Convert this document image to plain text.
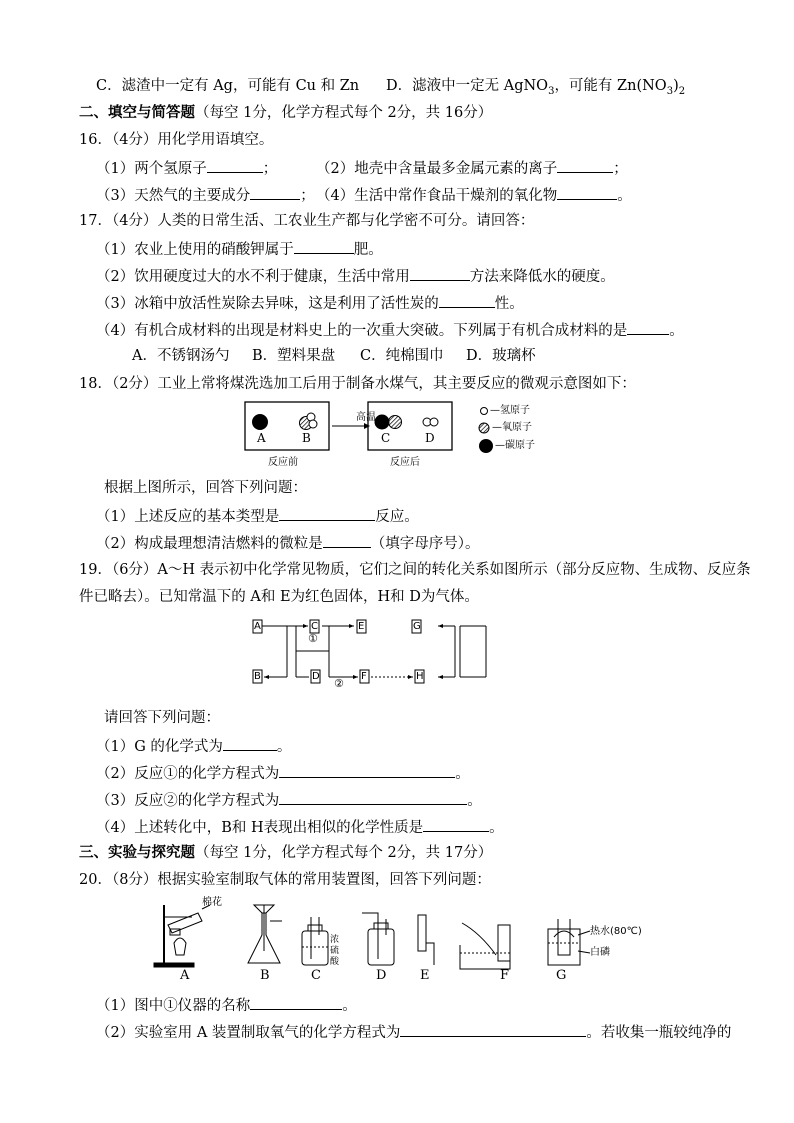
C．滤渣中一定有 Ag，可能有 Cu 和 Zn D．滤液中一定无 AgNO$_3$，可能有 $Zn(NO_3)_2$
二、填空与简答题（每空 1分，化学方程式每个 2分，共 16分）
16．（4分）用化学用语填空。
（1）两个氢原子	；	（2）地壳中含量最多金属元素的离子	；
（3）天然气的主要成分	； （4）生活中常作食品干燥剂的氧化物	。
17．（4分）人类的日常生活、工农业生产都与化学密不可分。请回答：
（1）农业上使用的硝酸钾属于	肥。
（2）饮用硬度过大的水不利于健康，生活中常用	方法来降低水的硬度。
（3）冰箱中放活性炭除去异味，这是利用了活性炭的	性。
（4）有机合成材料的出现是材料史上的一次重大突破。下列属于有机合成材料的是	。
A．不锈钢汤勺 B．塑料果盘 C．纯棉围巾 D．玻璃杯
18．（2分）工业上常将煤洗选加工后用于制备水煤气，其主要反应的微观示意图如下：
高温
A	B	C	D
反应前	反应后
—氢原子
—氧原子
—碳原子
根据上图所示，回答下列问题：
（1）上述反应的基本类型是	反应。
（2）构成最理想清洁燃料的微粒是	（填字母序号）。
19．（6分）A～H 表示初中化学常见物质，它们之间的转化关系如图所示（部分反应物、生成物、反应条
件已略去）。已知常温下的 A和 E为红色固体，H和 D为气体。
A
B
C
D
E
F
G
H
①
②
请回答下列问题：
（1）G 的化学式为	。
（2）反应①的化学方程式为	。
（3）反应②的化学方程式为	。
（4）上述转化中，B和 H表现出相似的化学性质是	。
三、实验与探究题（每空 1分，化学方程式每个 2分，共 17分）
20．（8分）根据实验室制取气体的常用装置图，回答下列问题：
棉花
浓硫酸
热水(80℃)
白磷
A	B	C	D	E	F	G
（1）图中①仪器的名称	。
（2）实验室用 A 装置制取氧气的化学方程式为	。若收集一瓶较纯净的
